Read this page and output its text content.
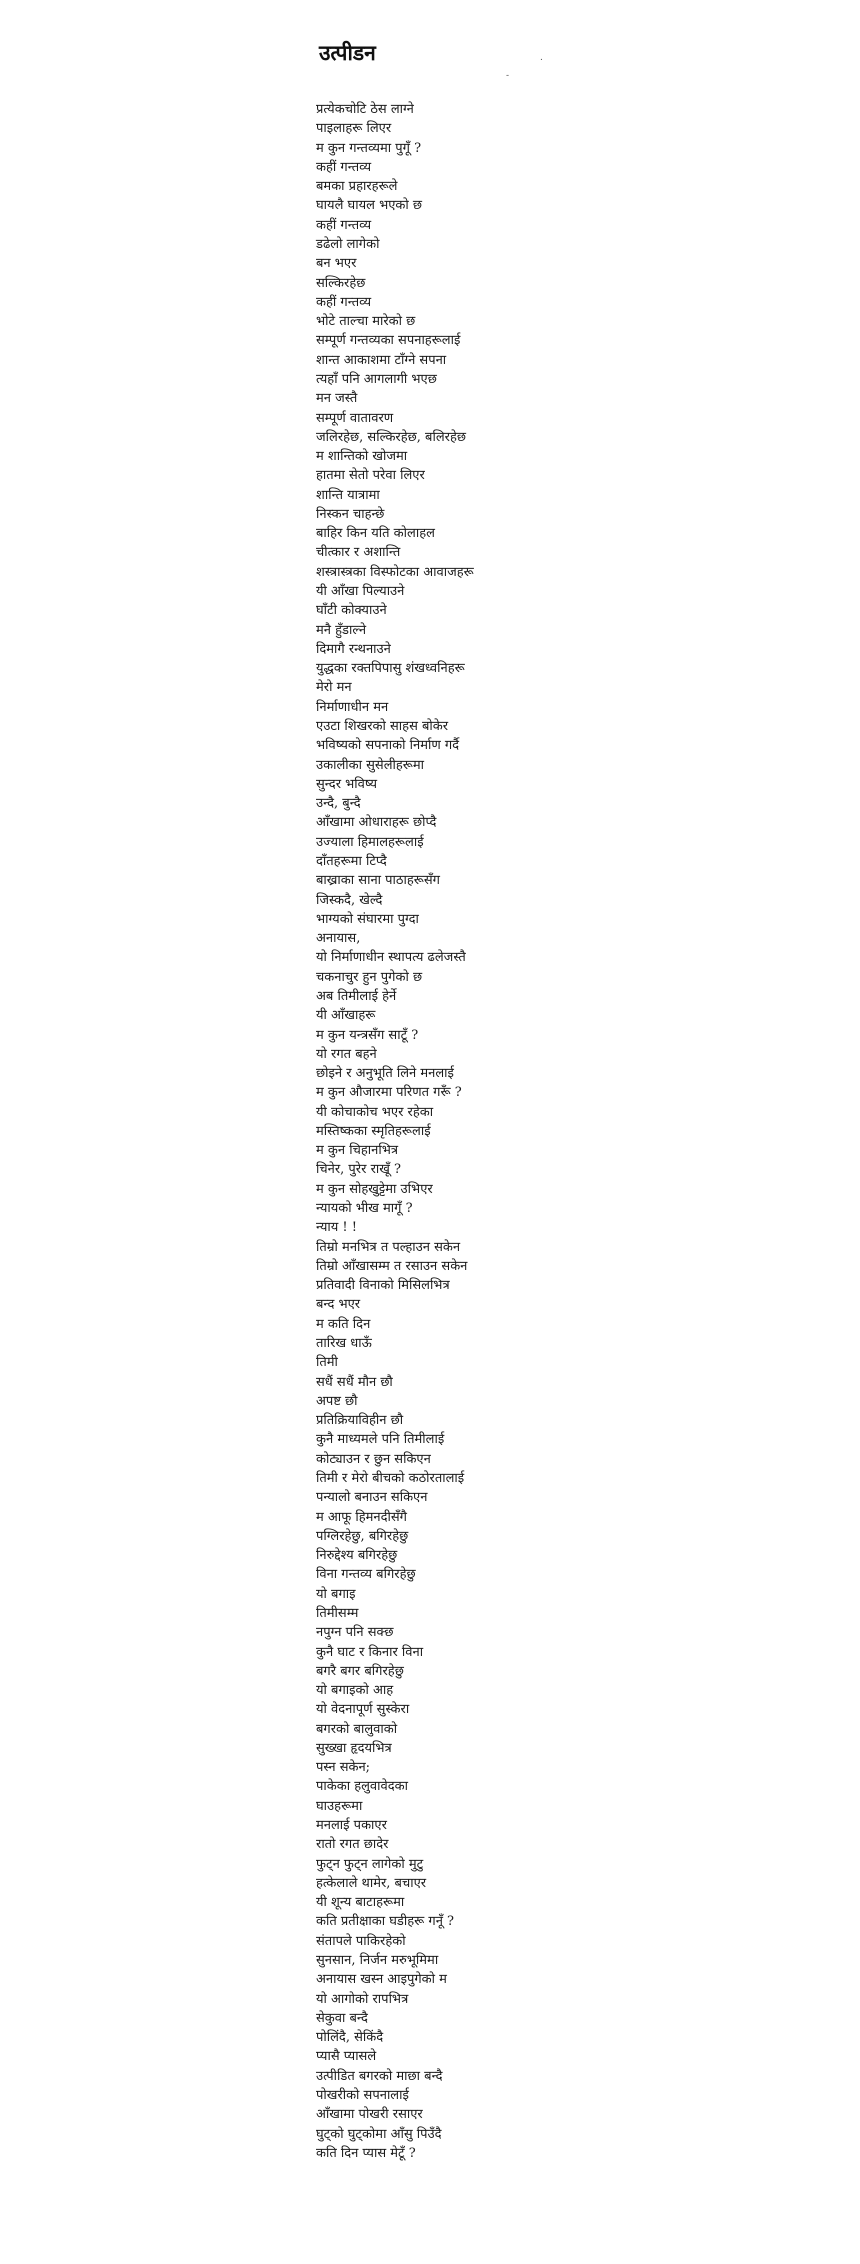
उत्पीडन	.
-
प्रत्येकचोटि ठेस लाग्ने
पाइलाहरू लिएर
म कुन गन्तव्यमा पुगूँ ?
कहीं गन्तव्य
बमका प्रहारहरूले
घायलै घायल भएको छ
कहीं गन्तव्य
डढेलो लागेको
बन भएर
सल्किरहेछ
कहीं गन्तव्य
भोटे ताल्चा मारेको छ
सम्पूर्ण गन्तव्यका सपनाहरूलाई
शान्त आकाशमा टाँग्ने सपना
त्यहाँ पनि आगलागी भएछ
मन जस्तै
सम्पूर्ण वातावरण
जलिरहेछ, सल्किरहेछ, बलिरहेछ
म शान्तिको खोजमा
हातमा सेतो परेवा लिएर
शान्ति यात्रामा
निस्कन चाहन्छे
बाहिर किन यति कोलाहल
चीत्कार र अशान्ति
शस्त्रास्त्रका विस्फोटका आवाजहरू
यी आँखा पिल्याउने
घाँटी कोक्याउने
मनै हुँडाल्ने
दिमागै रन्थनाउने
युद्धका रक्तपिपासु शंखध्वनिहरू
मेरो मन
निर्माणाधीन मन
एउटा शिखरको साहस बोकेर
भविष्यको सपनाको निर्माण गर्दै
उकालीका सुसेलीहरूमा
सुन्दर भविष्य
उन्दै, बुन्दै
आँखामा ओधाराहरू छोप्दै
उज्याला हिमालहरूलाई
दाँतहरूमा टिप्दै
बाख्राका साना पाठाहरूसँग
जिस्कदै, खेल्दै
भाग्यको संघारमा पुग्दा
अनायास,
यो निर्माणाधीन स्थापत्य ढलेजस्तै
चकनाचुर हुन पुगेको छ
अब तिमीलाई हेर्ने
यी आँखाहरू
म कुन यन्त्रसँग साटूँ ?
यो रगत बहने
छोइने र अनुभूति लिने मनलाई
म कुन औजारमा परिणत गरूँ ?
यी कोचाकोच भएर रहेका
मस्तिष्कका स्मृतिहरूलाई
म कुन चिहानभित्र
चिनेर, पुरेर राखूँ ?
म कुन सोहखुट्टेमा उभिएर
न्यायको भीख मागूँ ?
न्याय ! !
तिम्रो मनभित्र त पल्हाउन सकेन
तिम्रो आँखासम्म त रसाउन सकेन
प्रतिवादी विनाको मिसिलभित्र
बन्द भएर
म कति दिन
तारिख धाऊँ
तिमी
सधैं सधैं मौन छौ
अपष्ट छौ
प्रतिक्रियाविहीन छौ
कुनै माध्यमले पनि तिमीलाई
कोट्याउन र छुन सकिएन
तिमी र मेरो बीचको कठोरतालाई
पन्यालो बनाउन सकिएन
म आफू हिमनदीसँगै
पग्लिरहेछु, बगिरहेछु
निरुद्देश्य बगिरहेछु
विना गन्तव्य बगिरहेछु
यो बगाइ
तिमीसम्म
नपुग्न पनि सक्छ
कुनै घाट र किनार विना
बगरै बगर बगिरहेछु
यो बगाइको आह
यो वेदनापूर्ण सुस्केरा
बगरको बालुवाको
सुख्खा हृदयभित्र
पस्न सकेन;
पाकेका हलुवावेदका
घाउहरूमा
मनलाई पकाएर
रातो रगत छादेर
फुट्न फुट्न लागेको मुटु
हत्केलाले थामेर, बचाएर
यी शून्य बाटाहरूमा
कति प्रतीक्षाका घडीहरू गनूँ ?
संतापले पाकिरहेको
सुनसान, निर्जन मरुभूमिमा
अनायास खस्न आइपुगेको म
यो आगोको रापभित्र
सेकुवा बन्दै
पोलिंदै, सेकिंदै
प्यासै प्यासले
उत्पीडित बगरको माछा बन्दै
पोखरीको सपनालाई
आँखामा पोखरी रसाएर
घुट्को घुट्कोमा आँसु पिउँदै
कति दिन प्यास मेटूँ ?
